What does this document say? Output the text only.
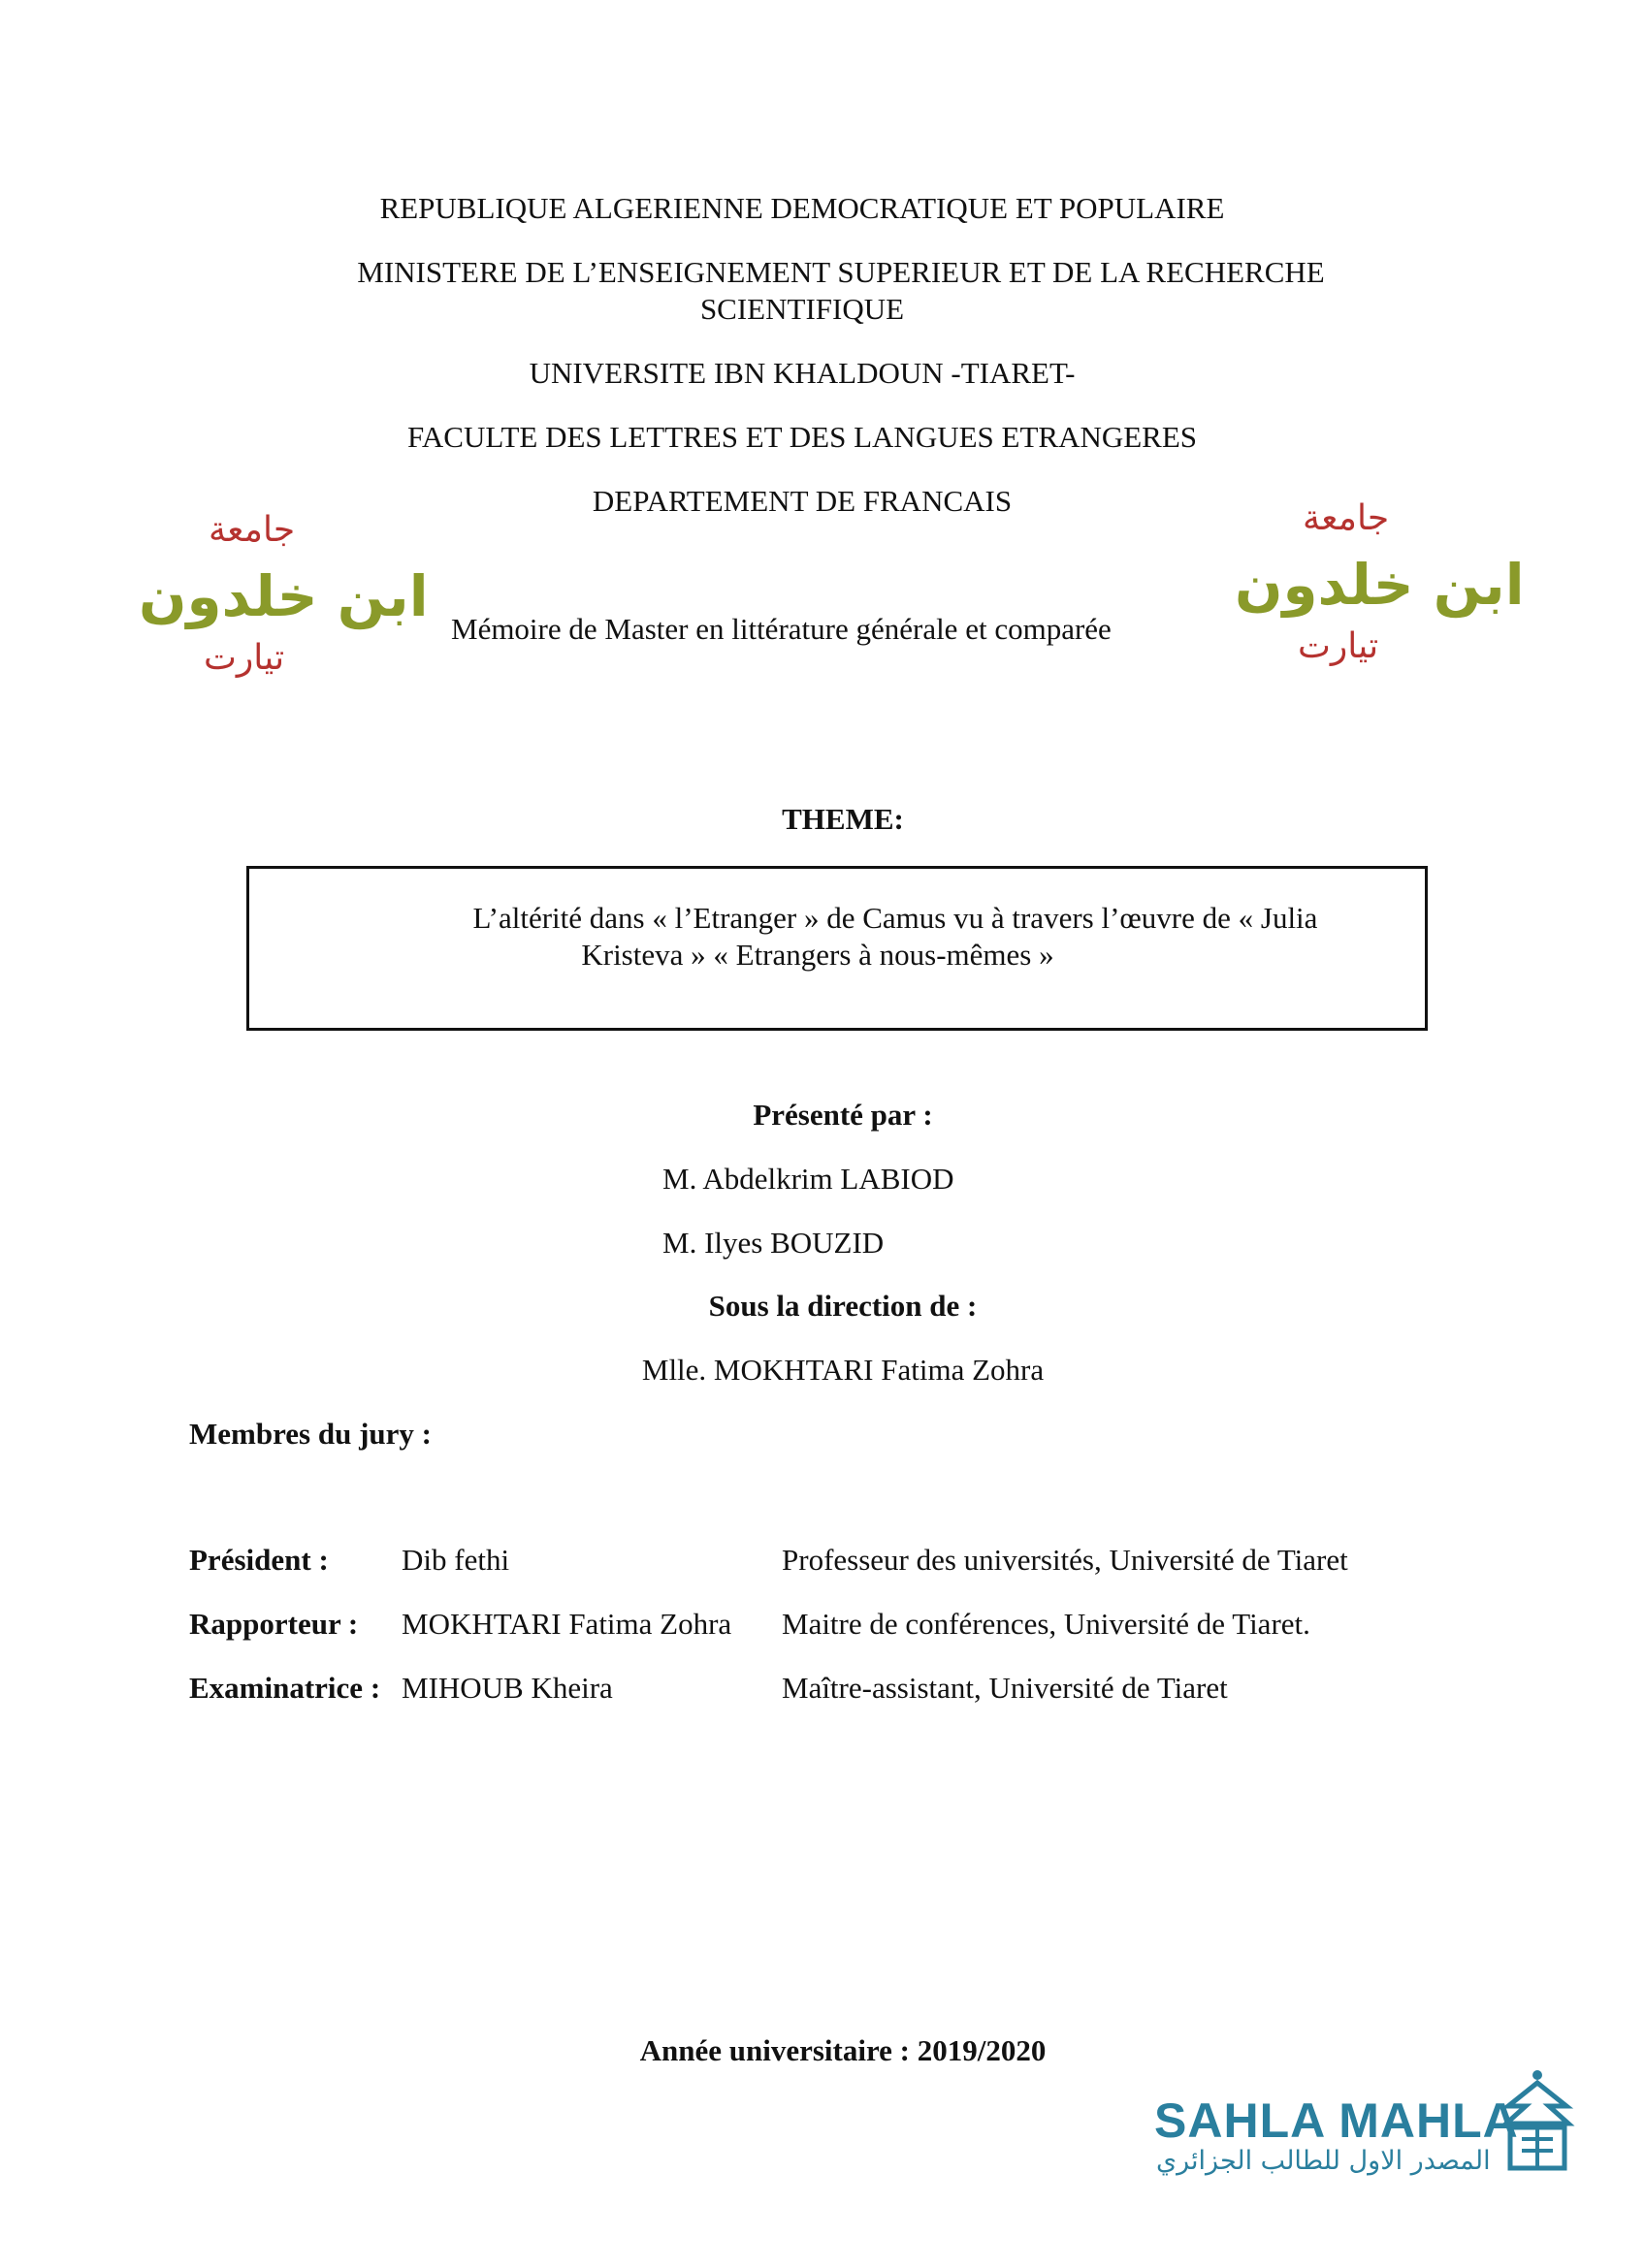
REPUBLIQUE ALGERIENNE DEMOCRATIQUE ET POPULAIRE
MINISTERE DE L’ENSEIGNEMENT SUPERIEUR ET DE LA RECHERCHE
SCIENTIFIQUE
UNIVERSITE IBN KHALDOUN -TIARET-
FACULTE DES LETTRES ET DES LANGUES ETRANGERES
DEPARTEMENT DE FRANCAIS
جامعة
ابن خلدون
تيارت
جامعة
ابن خلدون
تيارت
Mémoire de Master en littérature générale et comparée
THEME:
L’altérité dans « l’Etranger » de Camus vu à travers l’œuvre de « Julia
Kristeva » « Etrangers à nous-mêmes »
Présenté par :
M. Abdelkrim LABIOD
M. Ilyes BOUZID
Sous la direction de :
Mlle. MOKHTARI Fatima Zohra
Membres du jury :
Président : Dib fethi	Professeur des universités, Université de Tiaret
Rapporteur : MOKHTARI Fatima Zohra Maitre de conférences, Université de Tiaret.
Examinatrice : MIHOUB Kheira	Maître-assistant, Université de Tiaret
Année universitaire : 2019/2020
SAHLA MAHLA
المصدر الاول للطالب الجزائري
